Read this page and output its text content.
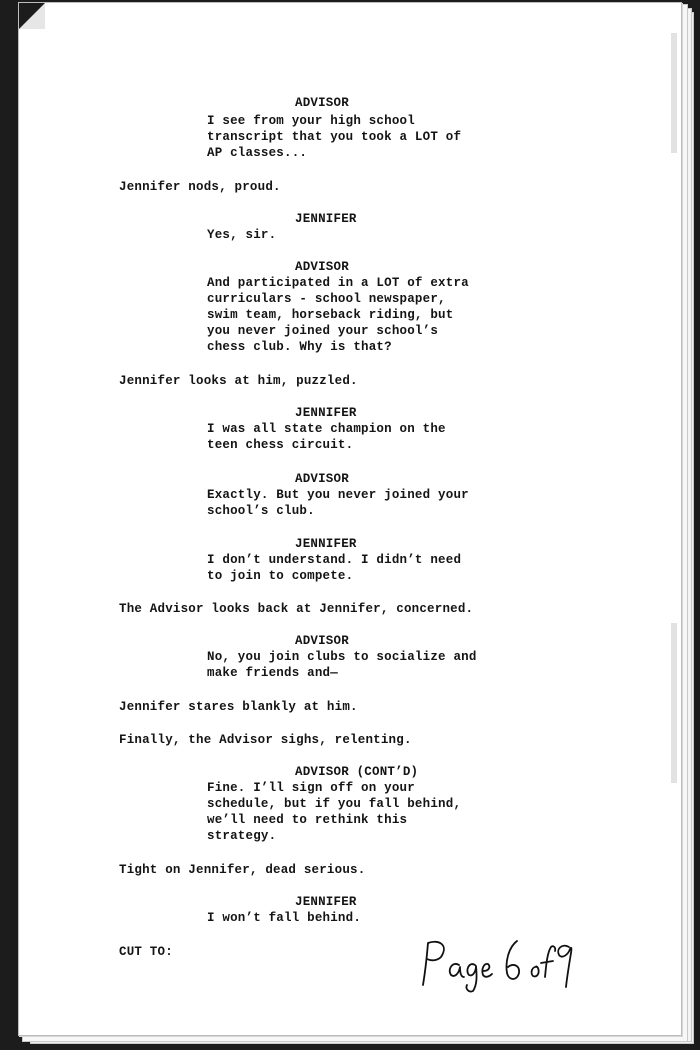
ADVISOR
I see from your high school
transcript that you took a LOT of
AP classes...
Jennifer nods, proud.
JENNIFER
Yes, sir.
ADVISOR
And participated in a LOT of extra
curriculars - school newspaper,
swim team, horseback riding, but
you never joined your school’s
chess club. Why is that?
Jennifer looks at him, puzzled.
JENNIFER
I was all state champion on the
teen chess circuit.
ADVISOR
Exactly. But you never joined your
school’s club.
JENNIFER
I don’t understand. I didn’t need
to join to compete.
The Advisor looks back at Jennifer, concerned.
ADVISOR
No, you join clubs to socialize and
make friends and—
Jennifer stares blankly at him.
Finally, the Advisor sighs, relenting.
ADVISOR (CONT’D)
Fine. I’ll sign off on your
schedule, but if you fall behind,
we’ll need to rethink this
strategy.
Tight on Jennifer, dead serious.
JENNIFER
I won’t fall behind.
CUT TO:
